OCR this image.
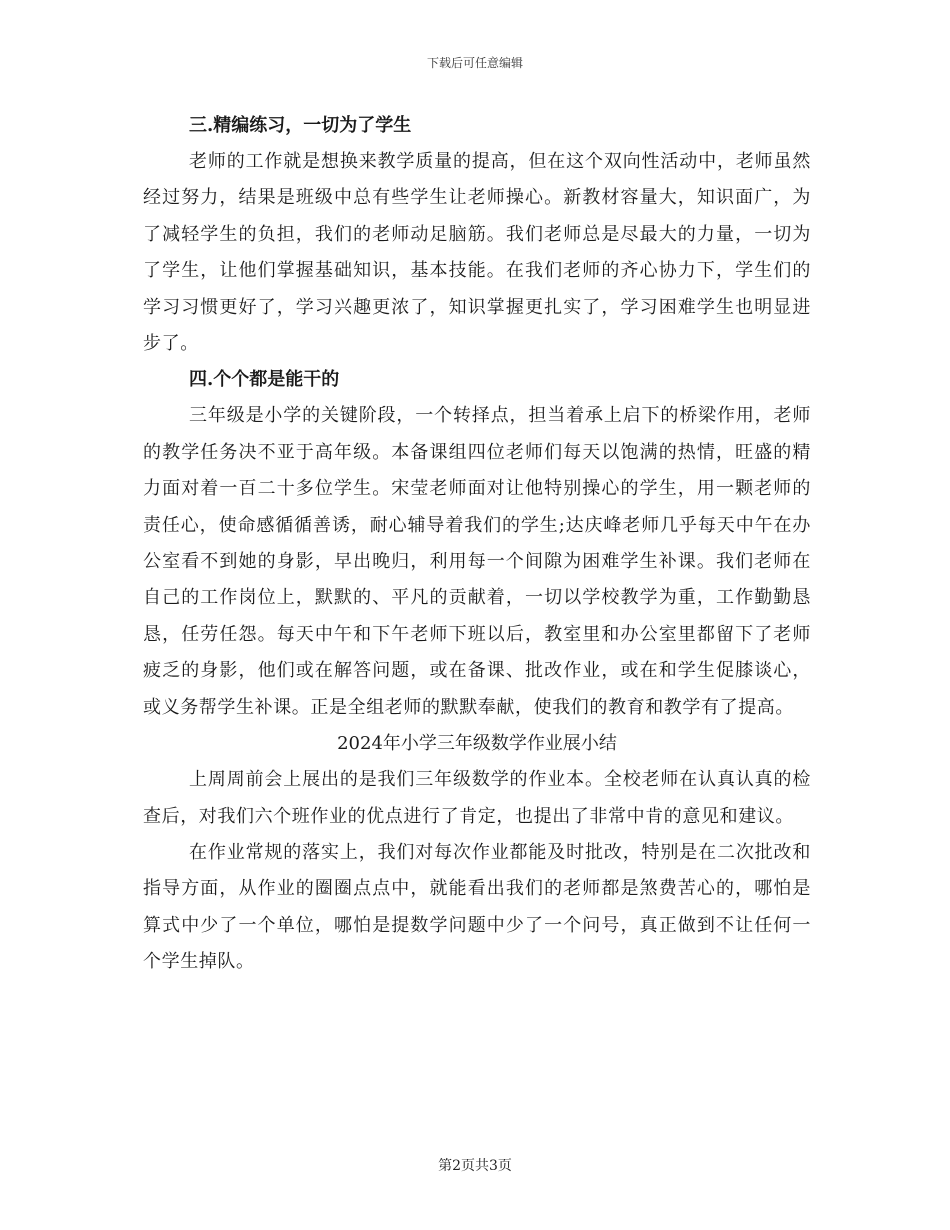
下载后可任意编辑
三.精编练习，一切为了学生

老师的工作就是想换来教学质量的提高，但在这个双向性活动中，老师虽然经过努力，结果是班级中总有些学生让老师操心。新教材容量大，知识面广，为了减轻学生的负担，我们的老师动足脑筋。我们老师总是尽最大的力量，一切为了学生，让他们掌握基础知识，基本技能。在我们老师的齐心协力下，学生们的学习习惯更好了，学习兴趣更浓了，知识掌握更扎实了，学习困难学生也明显进步了。

四.个个都是能干的

三年级是小学的关键阶段，一个转择点，担当着承上启下的桥梁作用，老师的教学任务决不亚于高年级。本备课组四位老师们每天以饱满的热情，旺盛的精力面对着一百二十多位学生。宋莹老师面对让他特别操心的学生，用一颗老师的责任心，使命感循循善诱，耐心辅导着我们的学生;达庆峰老师几乎每天中午在办公室看不到她的身影，早出晚归，利用每一个间隙为困难学生补课。我们老师在自己的工作岗位上，默默的、平凡的贡献着，一切以学校教学为重，工作勤勤恳恳，任劳任怨。每天中午和下午老师下班以后，教室里和办公室里都留下了老师疲乏的身影，他们或在解答问题，或在备课、批改作业，或在和学生促膝谈心，或义务帮学生补课。正是全组老师的默默奉献，使我们的教育和教学有了提高。

2024年小学三年级数学作业展小结

上周周前会上展出的是我们三年级数学的作业本。全校老师在认真认真的检查后，对我们六个班作业的优点进行了肯定，也提出了非常中肯的意见和建议。

在作业常规的落实上，我们对每次作业都能及时批改，特别是在二次批改和指导方面，从作业的圈圈点点中，就能看出我们的老师都是煞费苦心的，哪怕是算式中少了一个单位，哪怕是提数学问题中少了一个问号，真正做到不让任何一个学生掉队。

第2页共3页
